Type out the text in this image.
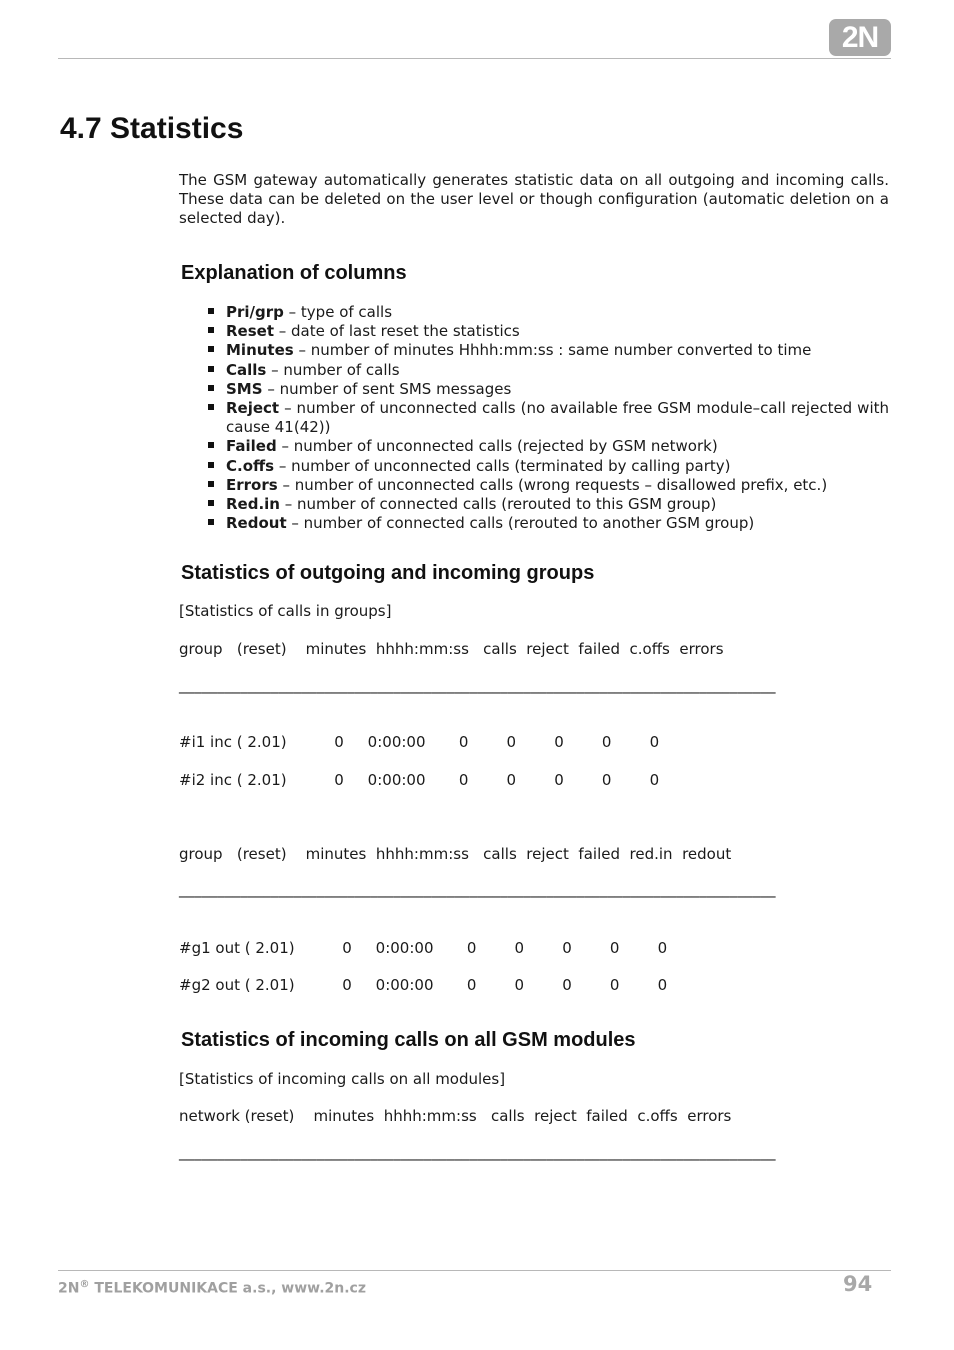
2N
4.7 Statistics

The GSM gateway automatically generates statistic data on all outgoing and incoming calls. These data can be deleted on the user level or though configuration (automatic deletion on a selected day).

Explanation of columns
Pri/grp – type of calls
Reset – date of last reset the statistics
Minutes – number of minutes Hhhh:mm:ss : same number converted to time
Calls – number of calls
SMS – number of sent SMS messages
Reject – number of unconnected calls (no available free GSM module–call rejected with cause 41(42))
Failed – number of unconnected calls (rejected by GSM network)
C.offs – number of unconnected calls (terminated by calling party)
Errors – number of unconnected calls (wrong requests – disallowed prefix, etc.)
Red.in – number of connected calls (rerouted to this GSM group)
Redout – number of connected calls (rerouted to another GSM group)
Statistics of outgoing and incoming groups
[Statistics of calls in groups]
group   (reset)    minutes  hhhh:mm:ss   calls  reject  failed  c.offs  errors
______________________________________________________________________________
#i1 inc ( 2.01)          0     0:00:00       0        0        0        0        0
#i2 inc ( 2.01)          0     0:00:00       0        0        0        0        0
group   (reset)    minutes  hhhh:mm:ss   calls  reject  failed  red.in  redout
______________________________________________________________________________
#g1 out ( 2.01)          0     0:00:00       0        0        0        0        0
#g2 out ( 2.01)          0     0:00:00       0        0        0        0        0
Statistics of incoming calls on all GSM modules
[Statistics of incoming calls on all modules]
network (reset)    minutes  hhhh:mm:ss   calls  reject  failed  c.offs  errors
______________________________________________________________________________
2N® TELEKOMUNIKACE a.s., www.2n.cz	94
